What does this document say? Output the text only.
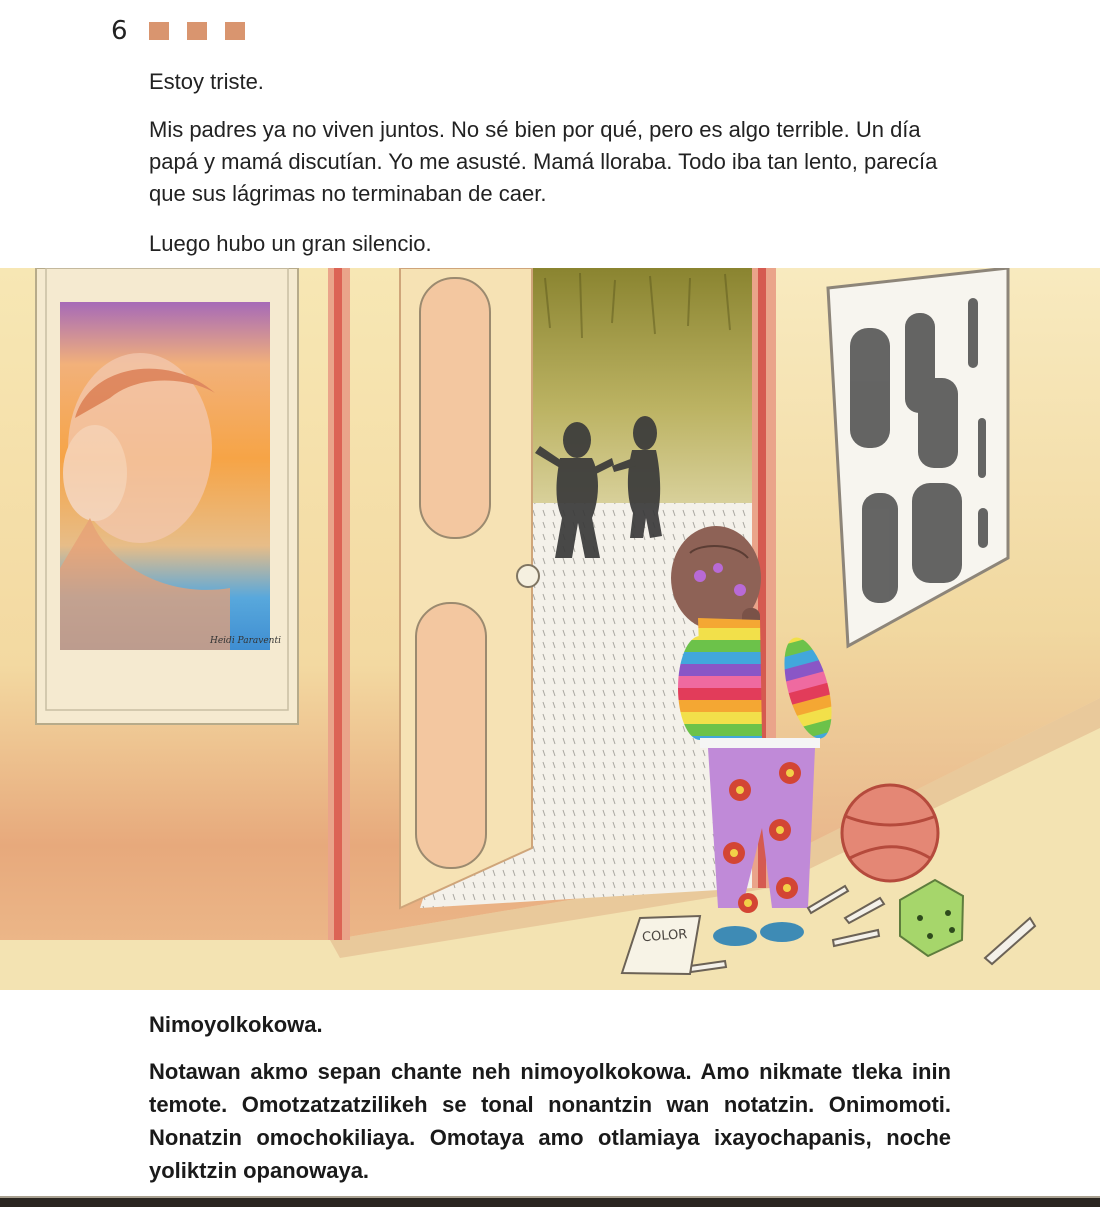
6

Estoy triste.

Mis padres ya no viven juntos. No sé bien por qué, pero es algo terrible. Un día papá y mamá discutían. Yo me asusté. Mamá lloraba. Todo iba tan lento, parecía que sus lágrimas no terminaban de caer.

Luego hubo un gran silencio.

Heidi Paraventi
COLOR
Nimoyolkokowa.
Notawan akmo sepan chante neh nimoyolkokowa. Amo nikmate tleka inin temote. Omotzatzatzilikeh se tonal nonantzin wan notatzin. Onimomoti. Nonatzin omochokiliaya. Omotaya amo otlamiaya ixayochapanis, noche yoliktzin opanowaya.
